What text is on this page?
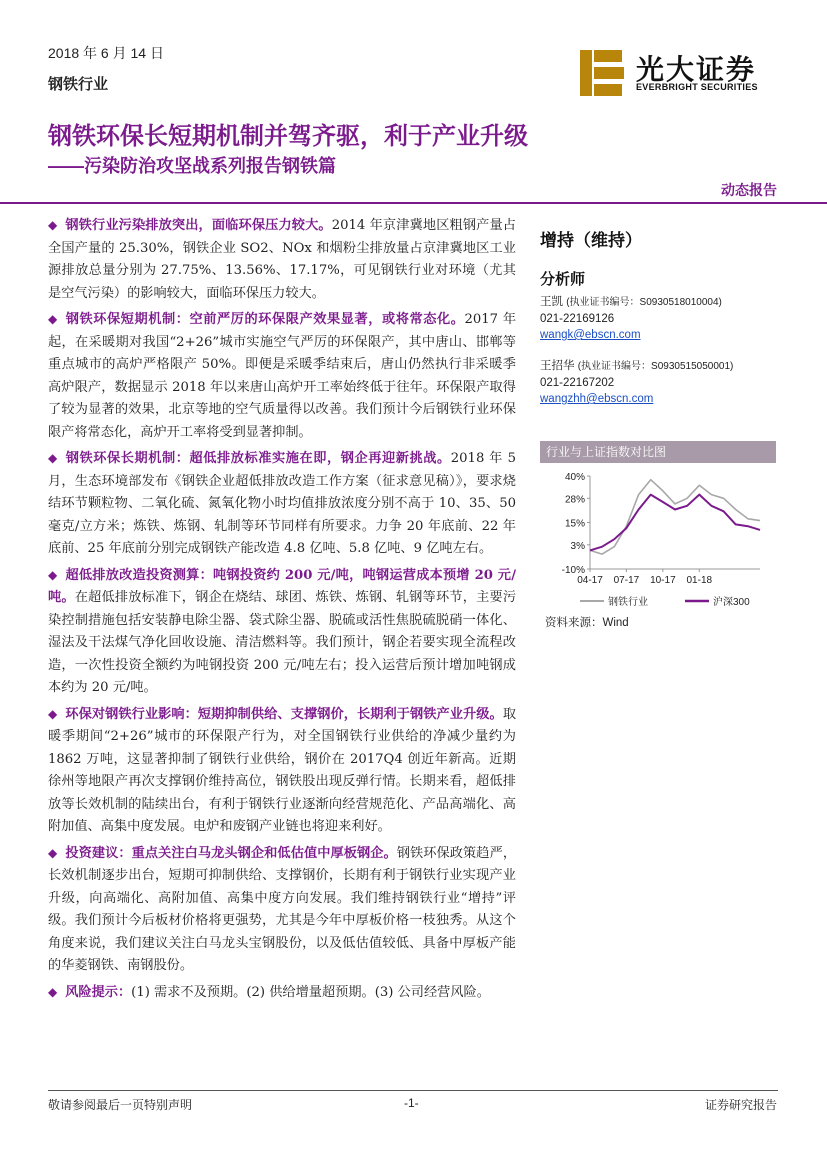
2018 年 6 月 14 日
钢铁行业	光大证券
EVERBRIGHT SECURITIES
钢铁环保长短期机制并驾齐驱，利于产业升级
——污染防治攻坚战系列报告钢铁篇
动态报告

◆ 钢铁行业污染排放突出，面临环保压力较大。2014 年京津冀地区粗钢产量占全国产量的 25.30%，钢铁企业 SO2、NOx 和烟粉尘排放量占京津冀地区工业源排放总量分别为 27.75%、13.56%、17.17%，可见钢铁行业对环境（尤其是空气污染）的影响较大，面临环保压力较大。

◆ 钢铁环保短期机制：空前严厉的环保限产效果显著，或将常态化。2017 年起，在采暖期对我国“2+26”城市实施空气严厉的环保限产，其中唐山、邯郸等重点城市的高炉严格限产 50%。即便是采暖季结束后，唐山仍然执行非采暖季高炉限产，数据显示 2018 年以来唐山高炉开工率始终低于往年。环保限产取得了较为显著的效果，北京等地的空气质量得以改善。我们预计今后钢铁行业环保限产将常态化，高炉开工率将受到显著抑制。

◆ 钢铁环保长期机制：超低排放标准实施在即，钢企再迎新挑战。2018 年 5 月，生态环境部发布《钢铁企业超低排放改造工作方案（征求意见稿）》，要求烧结环节颗粒物、二氧化硫、氮氧化物小时均值排放浓度分别不高于 10、35、50 毫克/立方米；炼铁、炼钢、轧制等环节同样有所要求。力争 20 年底前、22 年底前、25 年底前分别完成钢铁产能改造 4.8 亿吨、5.8 亿吨、9 亿吨左右。

◆ 超低排放改造投资测算：吨钢投资约 200 元/吨，吨钢运营成本预增 20 元/吨。在超低排放标准下，钢企在烧结、球团、炼铁、炼钢、轧钢等环节，主要污染控制措施包括安装静电除尘器、袋式除尘器、脱硫或活性焦脱硫脱硝一体化、湿法及干法煤气净化回收设施、清洁燃料等。我们预计，钢企若要实现全流程改造，一次性投资全额约为吨钢投资 200 元/吨左右；投入运营后预计增加吨钢成本约为 20 元/吨。

◆ 环保对钢铁行业影响：短期抑制供给、支撑钢价，长期利于钢铁产业升级。取暖季期间“2+26”城市的环保限产行为，对全国钢铁行业供给的净减少量约为 1862 万吨，这显著抑制了钢铁行业供给，钢价在 2017Q4 创近年新高。近期徐州等地限产再次支撑钢价维持高位，钢铁股出现反弹行情。长期来看，超低排放等长效机制的陆续出台，有利于钢铁行业逐渐向经营规范化、产品高端化、高附加值、高集中度发展。电炉和废钢产业链也将迎来利好。

◆ 投资建议：重点关注白马龙头钢企和低估值中厚板钢企。钢铁环保政策趋严，长效机制逐步出台，短期可抑制供给、支撑钢价，长期有利于钢铁行业实现产业升级，向高端化、高附加值、高集中度方向发展。我们维持钢铁行业“增持”评级。我们预计今后板材价格将更强势，尤其是今年中厚板价格一枝独秀。从这个角度来说，我们建议关注白马龙头宝钢股份，以及低估值较低、具备中厚板产能的华菱钢铁、南钢股份。

◆ 风险提示：(1) 需求不及预期。(2) 供给增量超预期。(3) 公司经营风险。

增持（维持）
分析师
王凯 (执业证书编号：S0930518010004)
021-22169126
wangk@ebscn.com
王招华 (执业证书编号：S0930515050001)
021-22167202
wangzhh@ebscn.com
行业与上证指数对比图
40%
28%
15%
3%
-10%
04-17 07-17 10-17 01-18
钢铁行业	沪深300
资料来源：Wind
敬请参阅最后一页特别声明	-1-	证券研究报告
